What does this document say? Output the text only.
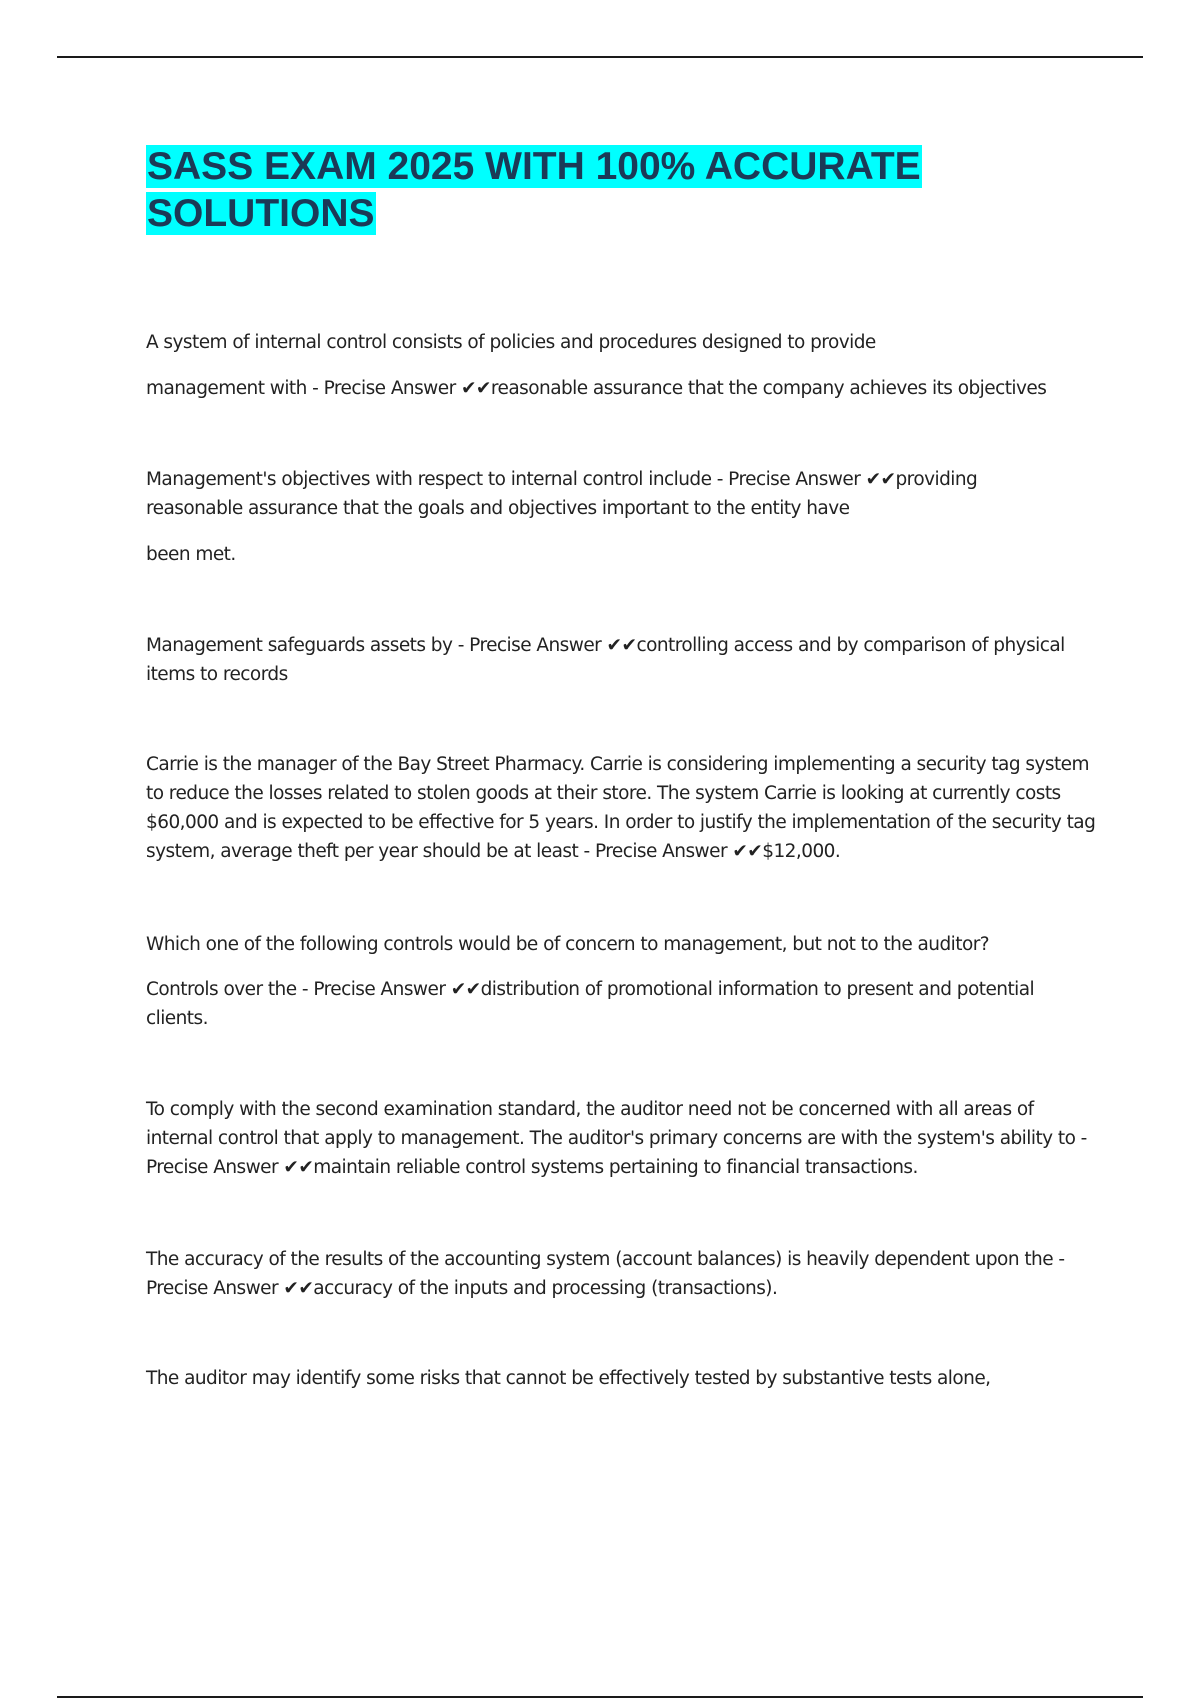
SASS EXAM 2025 WITH 100% ACCURATE SOLUTIONS

A system of internal control consists of policies and procedures designed to provide

management with - Precise Answer ✔✔reasonable assurance that the company achieves its objectives

Management's objectives with respect to internal control include - Precise Answer ✔✔providing reasonable assurance that the goals and objectives important to the entity have

been met.

Management safeguards assets by - Precise Answer ✔✔controlling access and by comparison of physical items to records

Carrie is the manager of the Bay Street Pharmacy. Carrie is considering implementing a security tag system to reduce the losses related to stolen goods at their store. The system Carrie is looking at currently costs $60,000 and is expected to be effective for 5 years. In order to justify the implementation of the security tag system, average theft per year should be at least - Precise Answer ✔✔$12,000.

Which one of the following controls would be of concern to management, but not to the auditor?

Controls over the - Precise Answer ✔✔distribution of promotional information to present and potential clients.

To comply with the second examination standard, the auditor need not be concerned with all areas of internal control that apply to management. The auditor's primary concerns are with the system's ability to - Precise Answer ✔✔maintain reliable control systems pertaining to financial transactions.

The accuracy of the results of the accounting system (account balances) is heavily dependent upon the - Precise Answer ✔✔accuracy of the inputs and processing (transactions).

The auditor may identify some risks that cannot be effectively tested by substantive tests alone,
